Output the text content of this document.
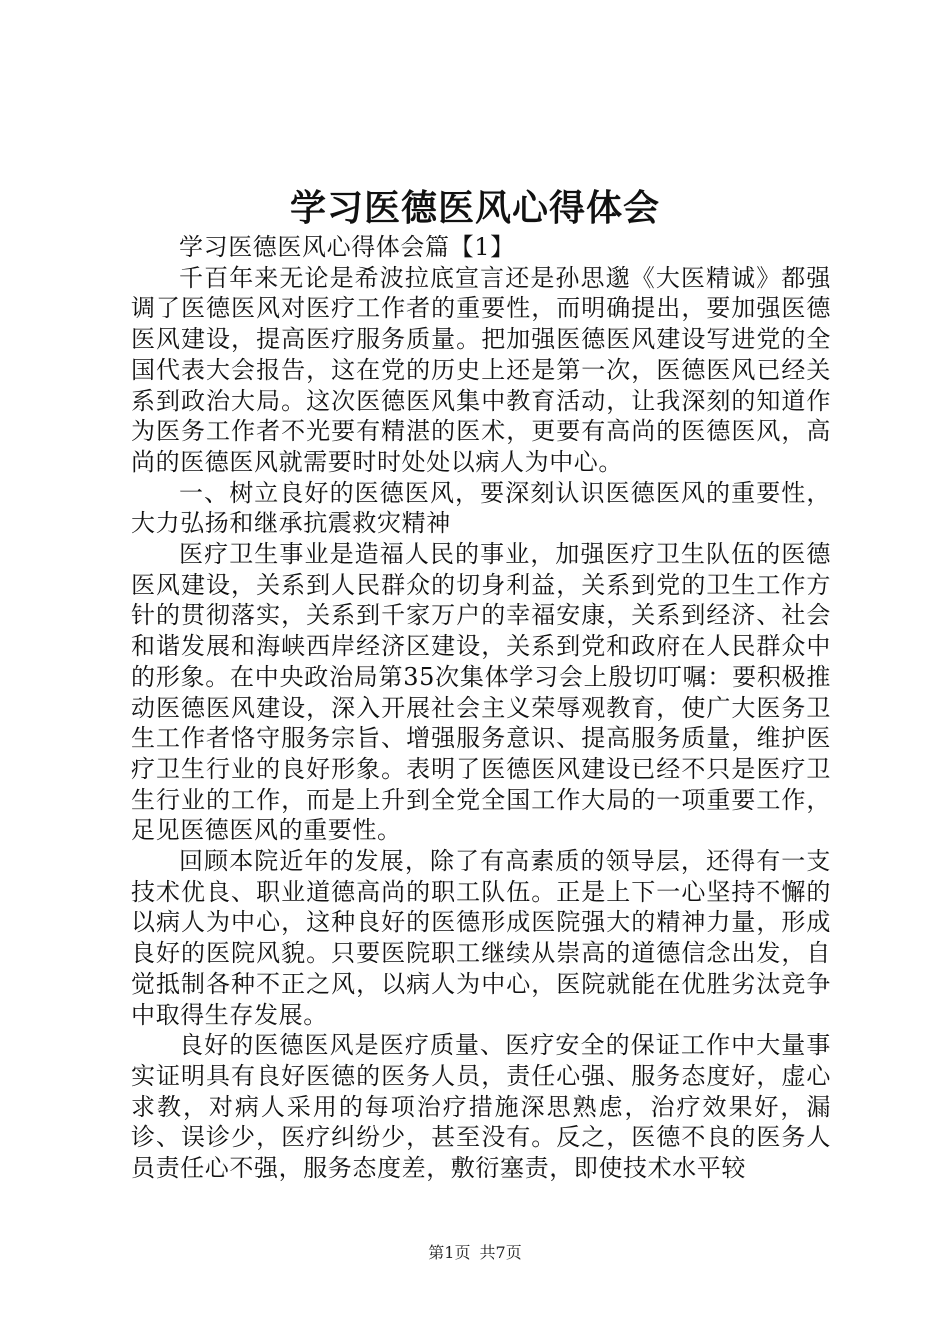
学习医德医风心得体会

学习医德医风心得体会篇【1】

千百年来无论是希波拉底宣言还是孙思邈《大医精诚》都强调了医德医风对医疗工作者的重要性，而明确提出，要加强医德医风建设，提高医疗服务质量。把加强医德医风建设写进党的全国代表大会报告，这在党的历史上还是第一次，医德医风已经关系到政治大局。这次医德医风集中教育活动，让我深刻的知道作为医务工作者不光要有精湛的医术，更要有高尚的医德医风，高尚的医德医风就需要时时处处以病人为中心。

一、树立良好的医德医风，要深刻认识医德医风的重要性，大力弘扬和继承抗震救灾精神

医疗卫生事业是造福人民的事业，加强医疗卫生队伍的医德医风建设，关系到人民群众的切身利益，关系到党的卫生工作方针的贯彻落实，关系到千家万户的幸福安康，关系到经济、社会和谐发展和海峡西岸经济区建设，关系到党和政府在人民群众中的形象。在中央政治局第35次集体学习会上殷切叮嘱：要积极推动医德医风建设，深入开展社会主义荣辱观教育，使广大医务卫生工作者恪守服务宗旨、增强服务意识、提高服务质量，维护医疗卫生行业的良好形象。表明了医德医风建设已经不只是医疗卫生行业的工作，而是上升到全党全国工作大局的一项重要工作，足见医德医风的重要性。

回顾本院近年的发展，除了有高素质的领导层，还得有一支技术优良、职业道德高尚的职工队伍。正是上下一心坚持不懈的以病人为中心，这种良好的医德形成医院强大的精神力量，形成良好的医院风貌。只要医院职工继续从崇高的道德信念出发，自觉抵制各种不正之风，以病人为中心，医院就能在优胜劣汰竞争中取得生存发展。

良好的医德医风是医疗质量、医疗安全的保证工作中大量事实证明具有良好医德的医务人员，责任心强、服务态度好，虚心求教，对病人采用的每项治疗措施深思熟虑，治疗效果好，漏诊、误诊少，医疗纠纷少，甚至没有。反之，医德不良的医务人员责任心不强，服务态度差，敷衍塞责，即使技术水平较

第1页 共7页
